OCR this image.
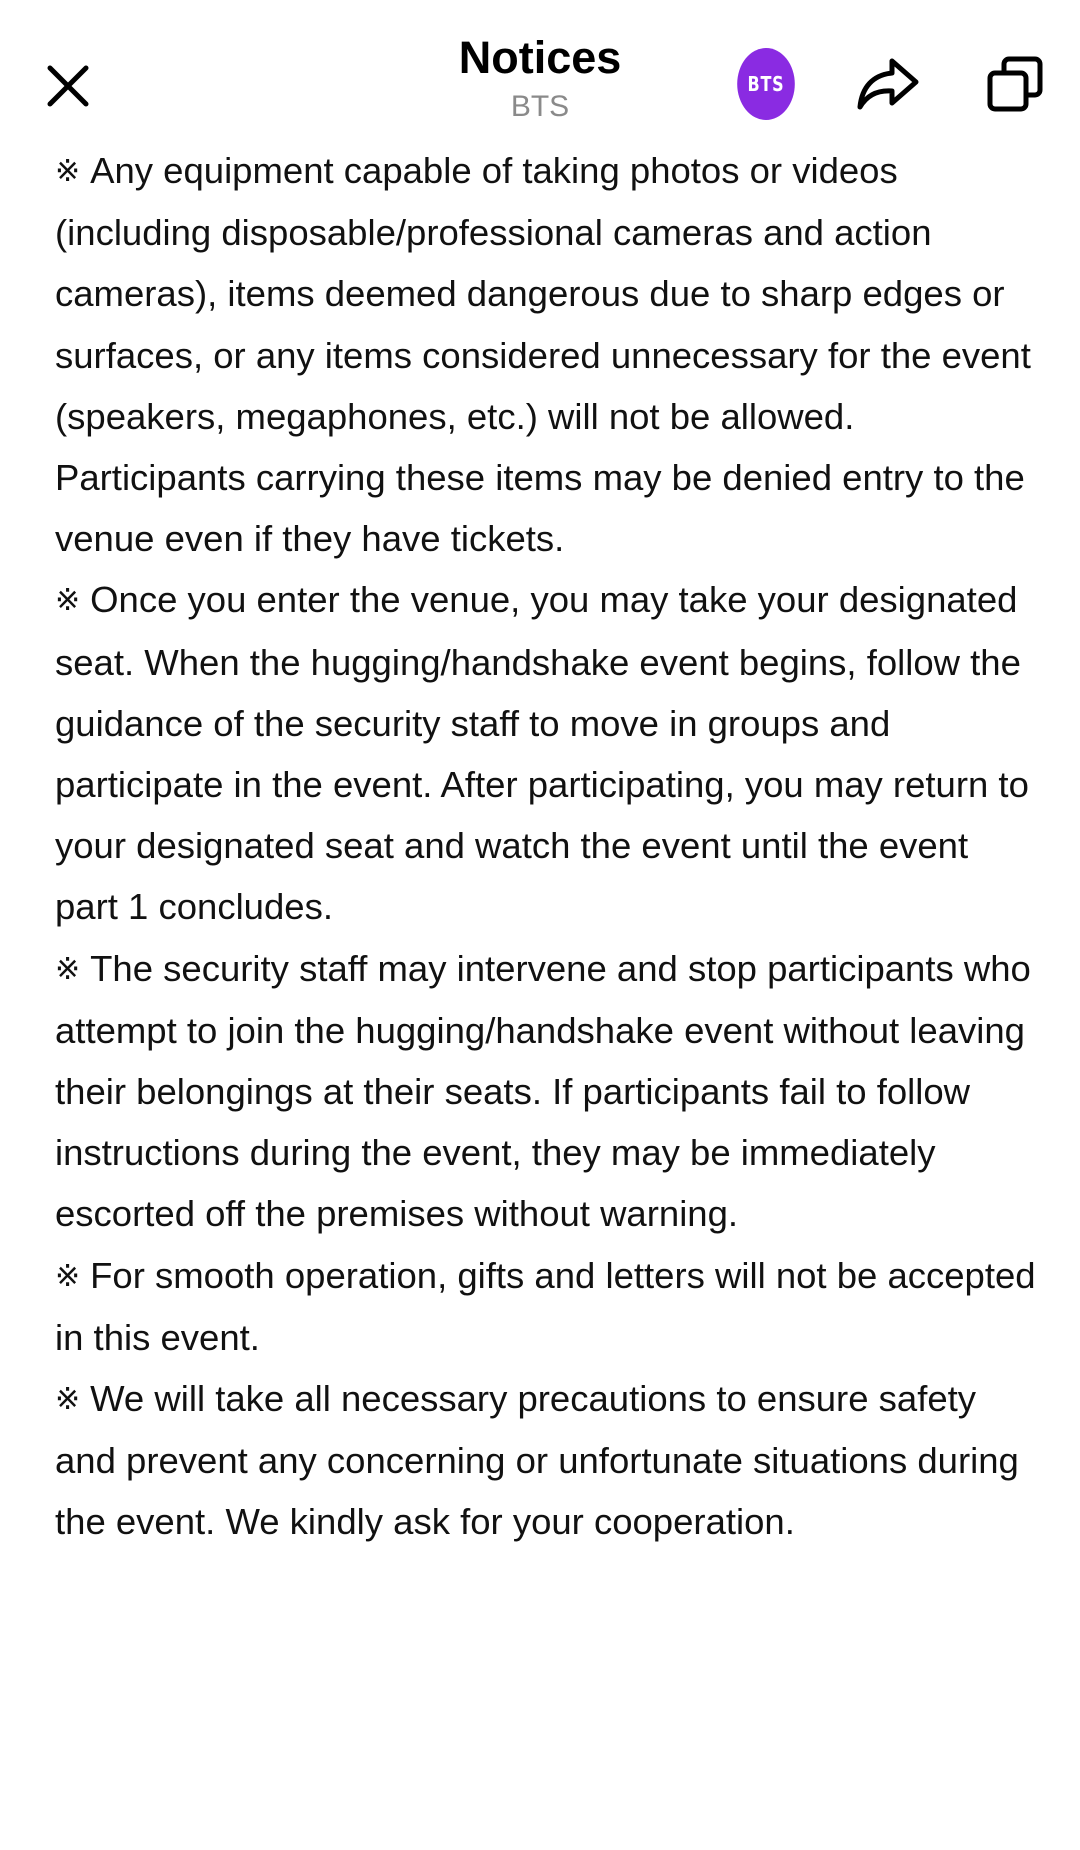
Notices
BTS
BTS

※ Any equipment capable of taking photos or videos (including disposable/professional cameras and action cameras), items deemed dangerous due to sharp edges or surfaces, or any items considered unnecessary for the event (speakers, megaphones, etc.) will not be allowed. Participants carrying these items may be denied entry to the venue even if they have tickets.

※ Once you enter the venue, you may take your designated seat. When the hugging/handshake event begins, follow the guidance of the security staff to move in groups and participate in the event. After participating, you may return to your designated seat and watch the event until the event part 1 concludes.

※ The security staff may intervene and stop participants who attempt to join the hugging/handshake event without leaving their belongings at their seats. If participants fail to follow instructions during the event, they may be immediately escorted off the premises without warning.

※ For smooth operation, gifts and letters will not be accepted in this event.

※ We will take all necessary precautions to ensure safety and prevent any concerning or unfortunate situations during the event. We kindly ask for your cooperation.
